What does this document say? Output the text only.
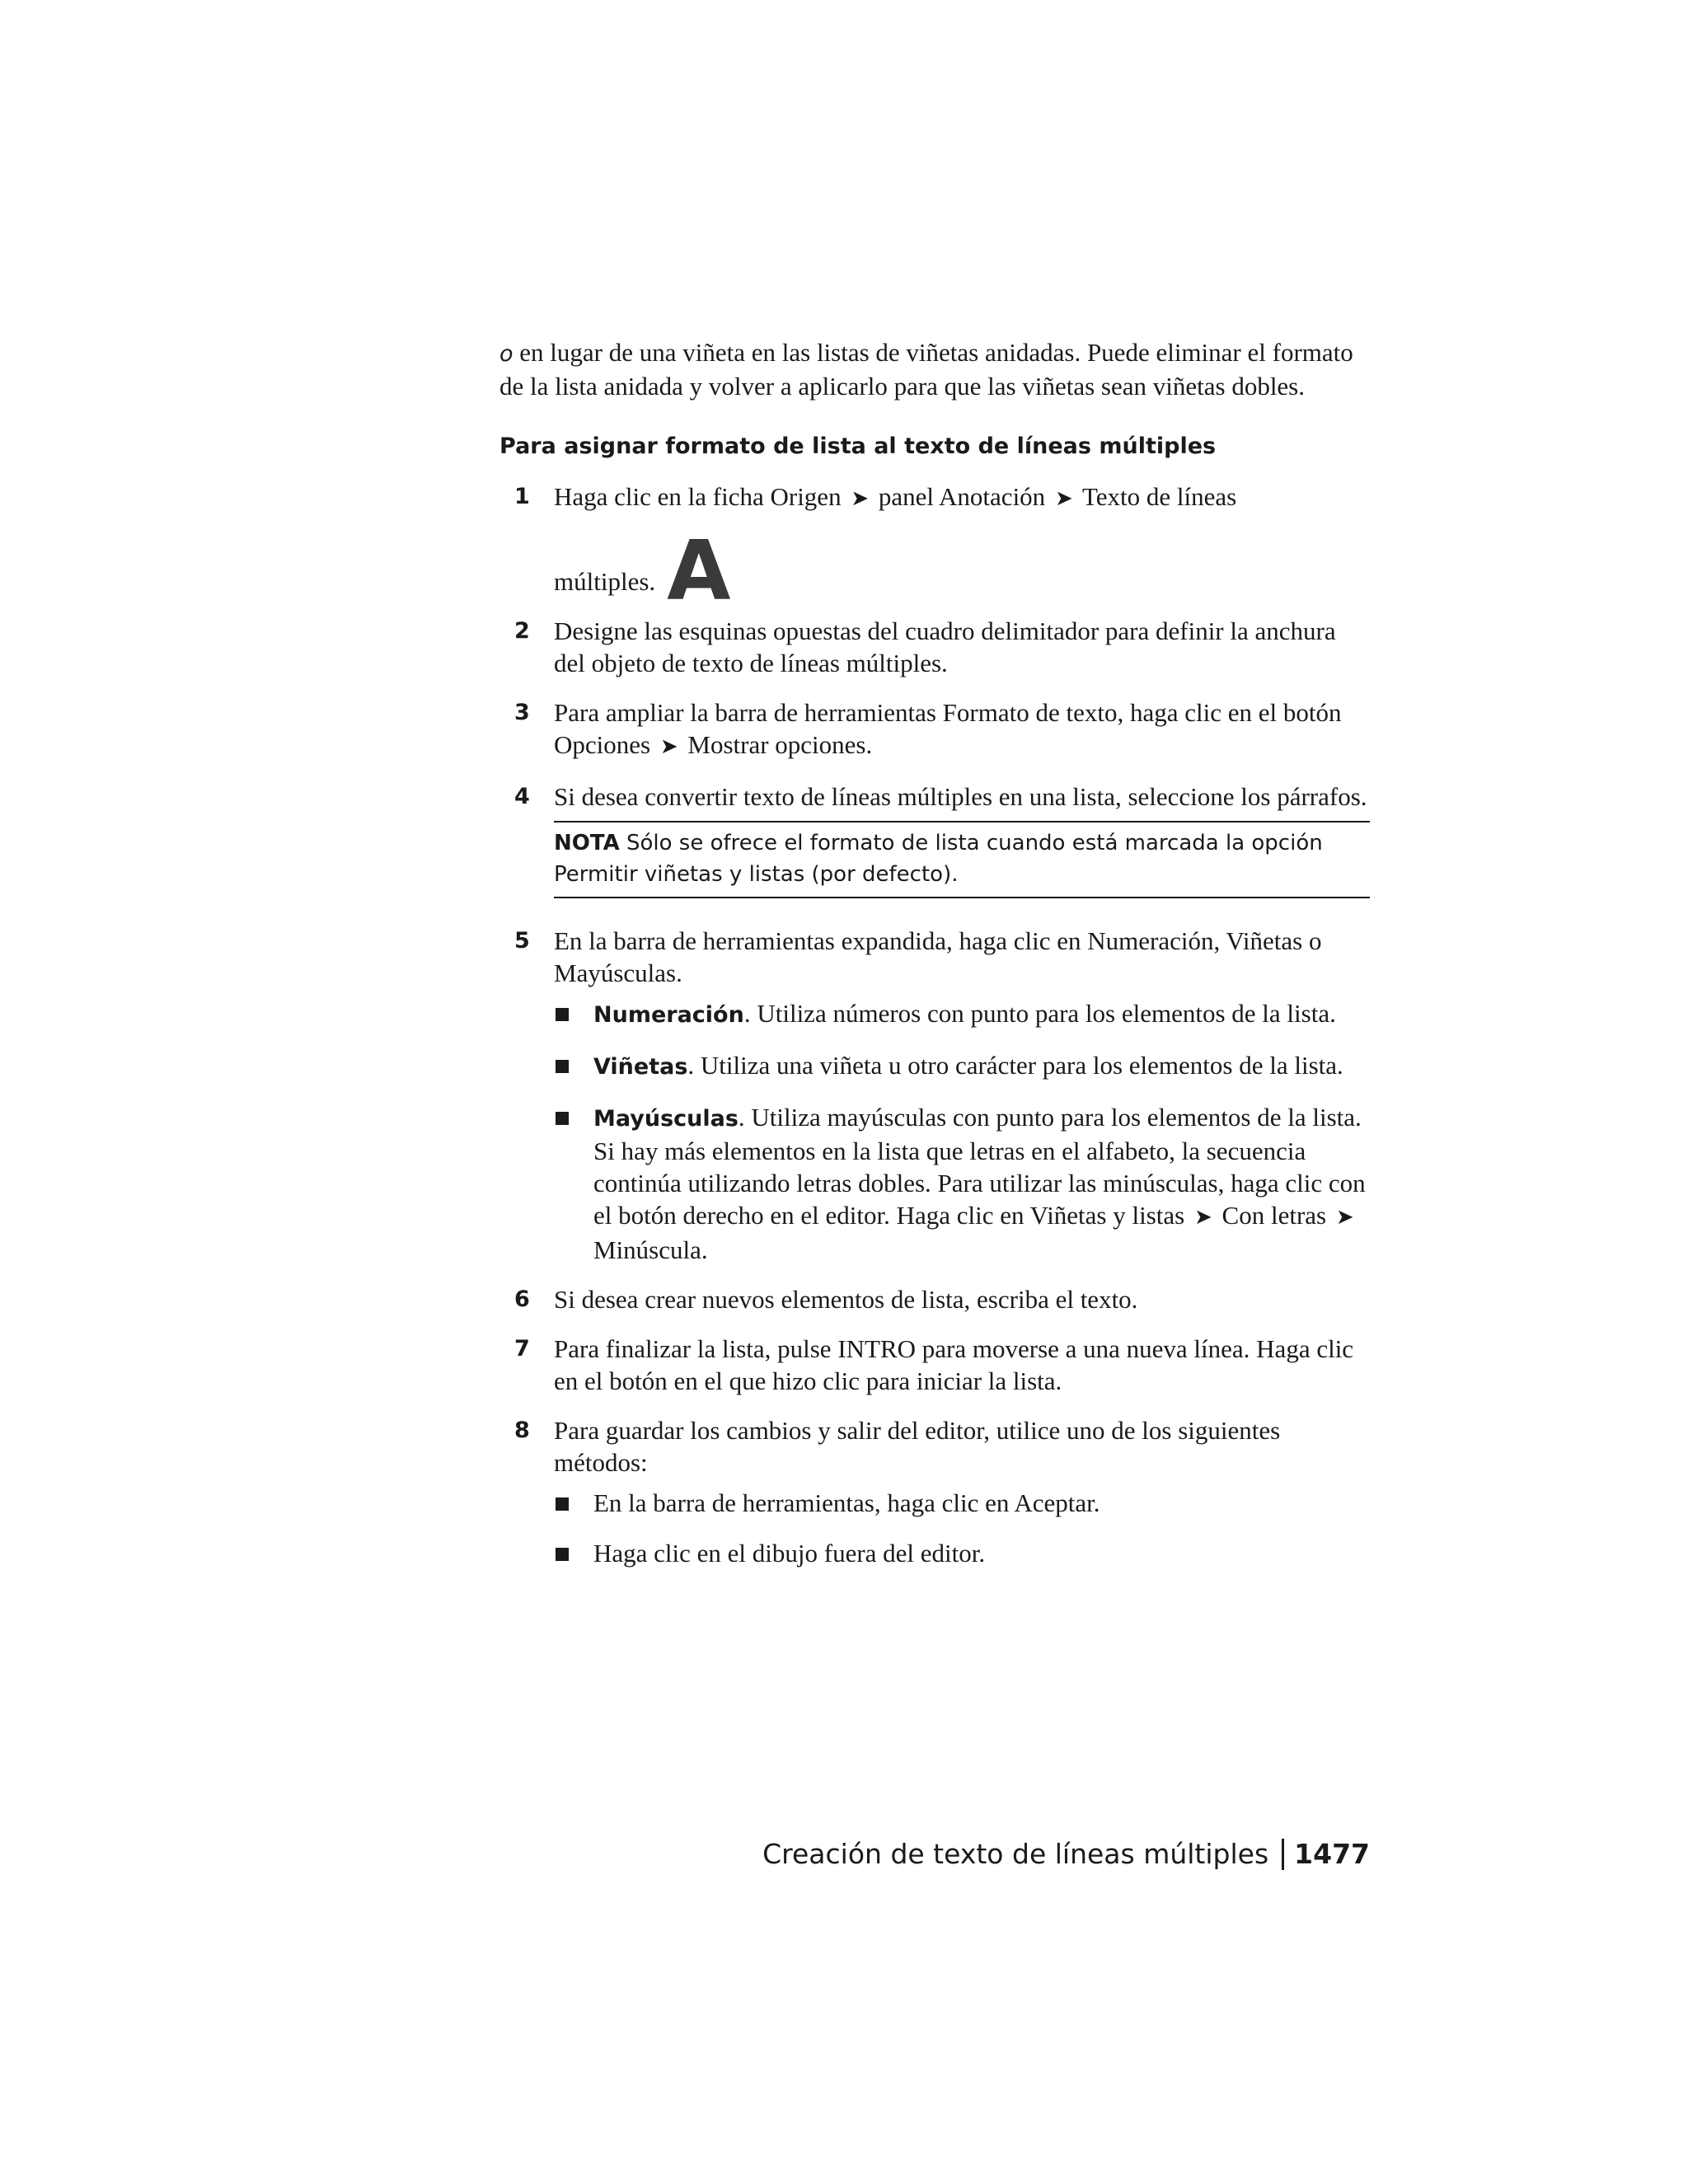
o en lugar de una viñeta en las listas de viñetas anidadas. Puede eliminar el formato de la lista anidada y volver a aplicarlo para que las viñetas sean viñetas dobles.

Para asignar formato de lista al texto de líneas múltiples
1 Haga clic en la ficha Origen ➤ panel Anotación ➤ Texto de líneas
múltiples. A
2 Designe las esquinas opuestas del cuadro delimitador para definir la anchura del objeto de texto de líneas múltiples.
3 Para ampliar la barra de herramientas Formato de texto, haga clic en el botón Opciones ➤ Mostrar opciones.
4 Si desea convertir texto de líneas múltiples en una lista, seleccione los párrafos.
NOTA Sólo se ofrece el formato de lista cuando está marcada la opción Permitir viñetas y listas (por defecto).
5 En la barra de herramientas expandida, haga clic en Numeración, Viñetas o Mayúsculas.
Numeración. Utiliza números con punto para los elementos de la lista.
Viñetas. Utiliza una viñeta u otro carácter para los elementos de la lista.
Mayúsculas. Utiliza mayúsculas con punto para los elementos de la lista. Si hay más elementos en la lista que letras en el alfabeto, la secuencia continúa utilizando letras dobles. Para utilizar las minúsculas, haga clic con el botón derecho en el editor. Haga clic en Viñetas y listas ➤ Con letras ➤ Minúscula.
6 Si desea crear nuevos elementos de lista, escriba el texto.
7 Para finalizar la lista, pulse INTRO para moverse a una nueva línea. Haga clic en el botón en el que hizo clic para iniciar la lista.
8 Para guardar los cambios y salir del editor, utilice uno de los siguientes métodos:
En la barra de herramientas, haga clic en Aceptar.
Haga clic en el dibujo fuera del editor.
Creación de texto de líneas múltiples 1477
